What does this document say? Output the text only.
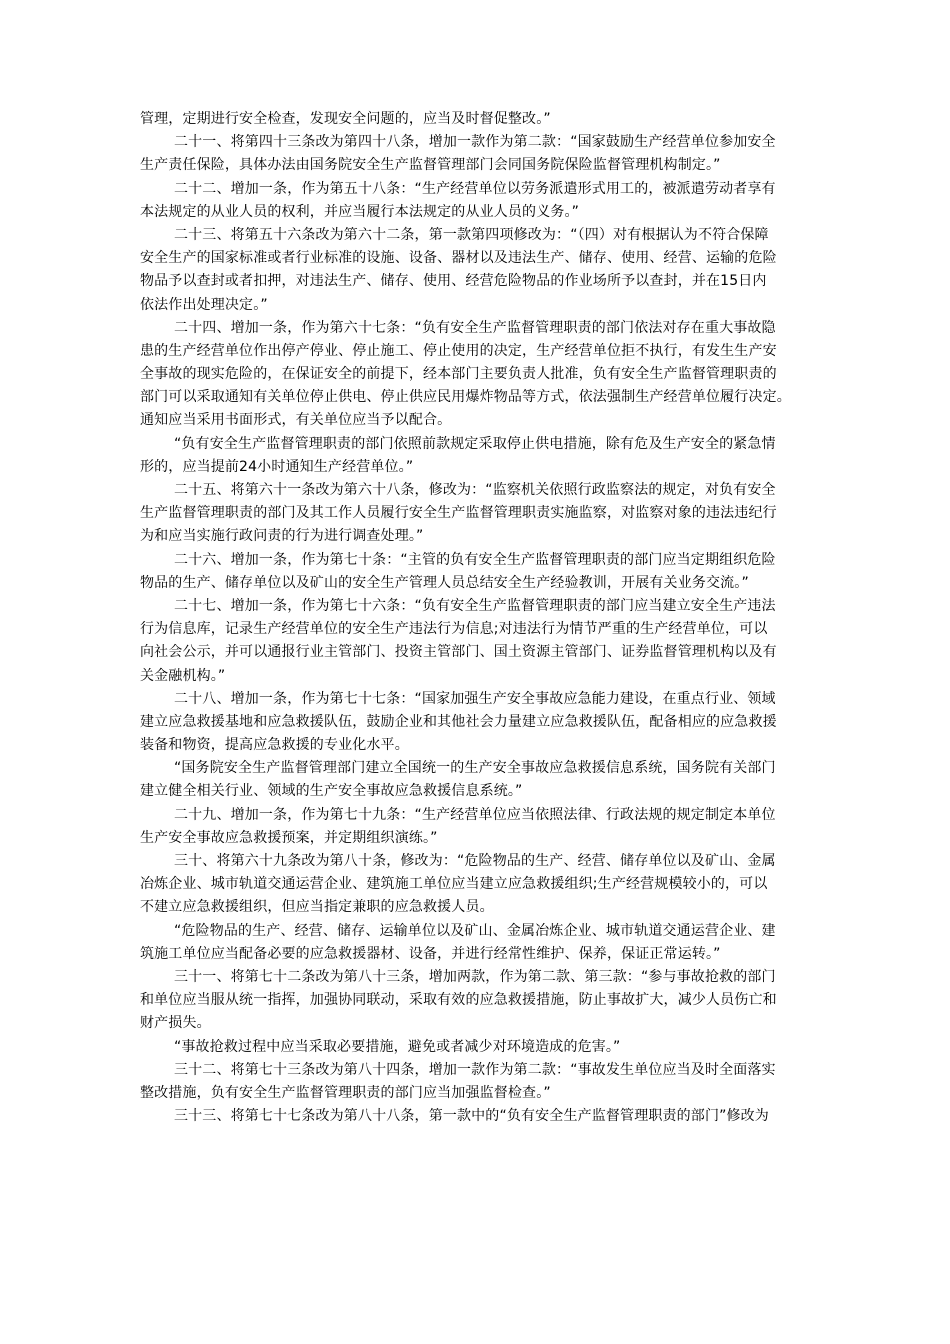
管理，定期进行安全检查，发现安全问题的，应当及时督促整改。”
二十一、将第四十三条改为第四十八条，增加一款作为第二款：“国家鼓励生产经营单位参加安全
生产责任保险，具体办法由国务院安全生产监督管理部门会同国务院保险监督管理机构制定。”
二十二、增加一条，作为第五十八条：“生产经营单位以劳务派遣形式用工的，被派遣劳动者享有
本法规定的从业人员的权利，并应当履行本法规定的从业人员的义务。”
二十三、将第五十六条改为第六十二条，第一款第四项修改为：“（四）对有根据认为不符合保障
安全生产的国家标准或者行业标准的设施、设备、器材以及违法生产、储存、使用、经营、运输的危险
物品予以查封或者扣押，对违法生产、储存、使用、经营危险物品的作业场所予以查封，并在15日内
依法作出处理决定。”
二十四、增加一条，作为第六十七条：“负有安全生产监督管理职责的部门依法对存在重大事故隐
患的生产经营单位作出停产停业、停止施工、停止使用的决定，生产经营单位拒不执行，有发生生产安
全事故的现实危险的，在保证安全的前提下，经本部门主要负责人批准，负有安全生产监督管理职责的
部门可以采取通知有关单位停止供电、停止供应民用爆炸物品等方式，依法强制生产经营单位履行决定。
通知应当采用书面形式，有关单位应当予以配合。
“负有安全生产监督管理职责的部门依照前款规定采取停止供电措施，除有危及生产安全的紧急情
形的，应当提前24小时通知生产经营单位。”
二十五、将第六十一条改为第六十八条，修改为：“监察机关依照行政监察法的规定，对负有安全
生产监督管理职责的部门及其工作人员履行安全生产监督管理职责实施监察，对监察对象的违法违纪行
为和应当实施行政问责的行为进行调查处理。”
二十六、增加一条，作为第七十条：“主管的负有安全生产监督管理职责的部门应当定期组织危险
物品的生产、储存单位以及矿山的安全生产管理人员总结安全生产经验教训，开展有关业务交流。”
二十七、增加一条，作为第七十六条：“负有安全生产监督管理职责的部门应当建立安全生产违法
行为信息库，记录生产经营单位的安全生产违法行为信息;对违法行为情节严重的生产经营单位，可以
向社会公示，并可以通报行业主管部门、投资主管部门、国土资源主管部门、证券监督管理机构以及有
关金融机构。”
二十八、增加一条，作为第七十七条：“国家加强生产安全事故应急能力建设，在重点行业、领域
建立应急救援基地和应急救援队伍，鼓励企业和其他社会力量建立应急救援队伍，配备相应的应急救援
装备和物资，提高应急救援的专业化水平。
“国务院安全生产监督管理部门建立全国统一的生产安全事故应急救援信息系统，国务院有关部门
建立健全相关行业、领域的生产安全事故应急救援信息系统。”
二十九、增加一条，作为第七十九条：“生产经营单位应当依照法律、行政法规的规定制定本单位
生产安全事故应急救援预案，并定期组织演练。”
三十、将第六十九条改为第八十条，修改为：“危险物品的生产、经营、储存单位以及矿山、金属
冶炼企业、城市轨道交通运营企业、建筑施工单位应当建立应急救援组织;生产经营规模较小的，可以
不建立应急救援组织，但应当指定兼职的应急救援人员。
“危险物品的生产、经营、储存、运输单位以及矿山、金属冶炼企业、城市轨道交通运营企业、建
筑施工单位应当配备必要的应急救援器材、设备，并进行经常性维护、保养，保证正常运转。”
三十一、将第七十二条改为第八十三条，增加两款，作为第二款、第三款：“参与事故抢救的部门
和单位应当服从统一指挥，加强协同联动，采取有效的应急救援措施，防止事故扩大，减少人员伤亡和
财产损失。
“事故抢救过程中应当采取必要措施，避免或者减少对环境造成的危害。”
三十二、将第七十三条改为第八十四条，增加一款作为第二款：“事故发生单位应当及时全面落实
整改措施，负有安全生产监督管理职责的部门应当加强监督检查。”
三十三、将第七十七条改为第八十八条，第一款中的“负有安全生产监督管理职责的部门”修改为
